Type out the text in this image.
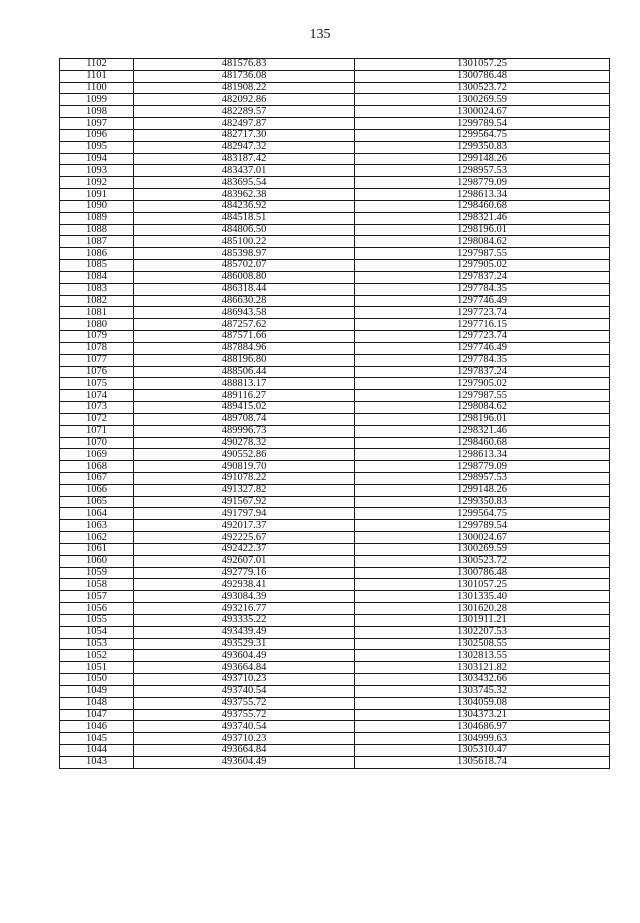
135
1102	481576.83	1301057.25
1101	481736.08	1300786.48
1100	481908.22	1300523.72
1099	482092.86	1300269.59
1098	482289.57	1300024.67
1097	482497.87	1299789.54
1096	482717.30	1299564.75
1095	482947.32	1299350.83
1094	483187.42	1299148.26
1093	483437.01	1298957.53
1092	483695.54	1298779.09
1091	483962.38	1298613.34
1090	484236.92	1298460.68
1089	484518.51	1298321.46
1088	484806.50	1298196.01
1087	485100.22	1298084.62
1086	485398.97	1297987.55
1085	485702.07	1297905.02
1084	486008.80	1297837.24
1083	486318.44	1297784.35
1082	486630.28	1297746.49
1081	486943.58	1297723.74
1080	487257.62	1297716.15
1079	487571.66	1297723.74
1078	487884.96	1297746.49
1077	488196.80	1297784.35
1076	488506.44	1297837.24
1075	488813.17	1297905.02
1074	489116.27	1297987.55
1073	489415.02	1298084.62
1072	489708.74	1298196.01
1071	489996.73	1298321.46
1070	490278.32	1298460.68
1069	490552.86	1298613.34
1068	490819.70	1298779.09
1067	491078.22	1298957.53
1066	491327.82	1299148.26
1065	491567.92	1299350.83
1064	491797.94	1299564.75
1063	492017.37	1299789.54
1062	492225.67	1300024.67
1061	492422.37	1300269.59
1060	492607.01	1300523.72
1059	492779.16	1300786.48
1058	492938.41	1301057.25
1057	493084.39	1301335.40
1056	493216.77	1301620.28
1055	493335.22	1301911.21
1054	493439.49	1302207.53
1053	493529.31	1302508.55
1052	493604.49	1302813.55
1051	493664.84	1303121.82
1050	493710.23	1303432.66
1049	493740.54	1303745.32
1048	493755.72	1304059.08
1047	493755.72	1304373.21
1046	493740.54	1304686.97
1045	493710.23	1304999.63
1044	493664.84	1305310.47
1043	493604.49	1305618.74
